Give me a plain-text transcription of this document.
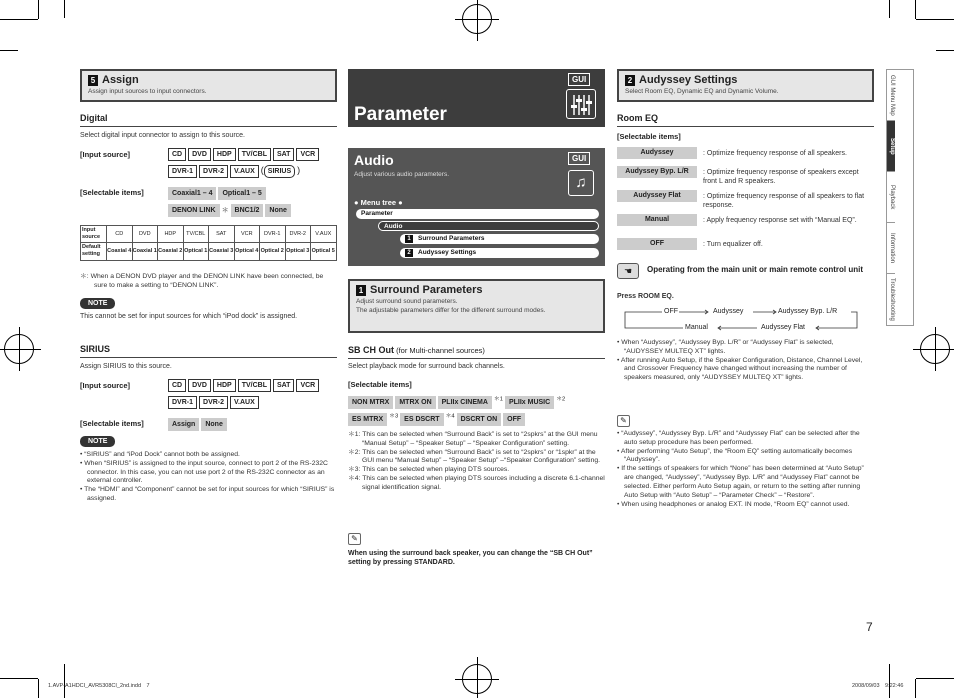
5 Assign
Assign input sources to input connectors.
Digital
Select digital input connector to assign to this source.
[Input source]	CD DVD HDP TV/CBL SAT VCR
DVR-1 DVR-2 V.AUX ( SIRIUS )
[Selectable items]	Coaxial1 – 4 Optical1 – 5
DENON LINK ＊ BNC1/2 None
Input source	CD	DVD	HDP	TV/CBL	SAT	VCR	DVR-1	DVR-2	V.AUX
Default setting	Coaxial 4	Coaxial 1	Coaxial 2	Optical 1	Coaxial 3	Optical 4	Optical 2	Optical 3	Optical 5
＊: When a DENON DVD player and the DENON LINK have been connected, be sure to make a setting to “DENON LINK”.
NOTE
This cannot be set for input sources for which “iPod dock” is assigned.
SIRIUS
Assign SIRIUS to this source.
[Input source]	CD DVD HDP TV/CBL SAT VCR
DVR-1 DVR-2 V.AUX
[Selectable items]	Assign None
NOTE
• “SIRIUS” and “iPod Dock” cannot both be assigned.
• When “SIRIUS” is assigned to the input source, connect to port 2 of the RS-232C connector. In this case, you can not use port 2 of the RS-232C connector as an external controller.
• The “HDMI” and “Component” cannot be set for input sources for which “SIRIUS” is assigned.
GUI
Parameter
GUI
♫
Audio
Adjust various audio parameters.
● Menu tree ●
Parameter
Audio
1 Surround Parameters
2 Audyssey Settings
1 Surround Parameters
Adjust surround sound parameters.
The adjustable parameters differ for the different surround modes.
SB CH Out (for Multi-channel sources)
Select playback mode for surround back channels.
[Selectable items]
NON MTRX MTRX ON PLIIx CINEMA $^{*1}$ PLIIx MUSIC $^{*2}$
ES MTRX $^{*3}$ ES DSCRT $^{*4}$ DSCRT ON OFF
＊1: This can be selected when “Surround Back” is set to “2spkrs” at the GUI menu “Manual Setup” – “Speaker Setup” – “Speaker Configuration” setting.
＊2: This can be selected when “Surround Back” is set to “2spkrs” or “1spkr” at the GUI menu “Manual Setup” – “Speaker Setup” –“Speaker Configuration” setting.
＊3: This can be selected when playing DTS sources.
＊4: This can be selected when playing DTS sources including a discrete 6.1-channel signal identification signal.
✎
When using the surround back speaker, you can change the “SB CH Out” setting by pressing STANDARD.
2 Audyssey Settings
Select Room EQ, Dynamic EQ and Dynamic Volume.
Room EQ
[Selectable items]
Audyssey	: Optimize frequency response of all speakers.
Audyssey Byp. L/R	: Optimize frequency response of speakers except front L and R speakers.
Audyssey Flat	: Optimize frequency response of all speakers to flat response.
Manual	: Apply frequency response set with “Manual EQ”.
OFF	: Turn equalizer off.
☚	Operating from the main unit or main remote control unit
Press ROOM EQ.
OFF	Audyssey	Audyssey Byp. L/R
Manual	Audyssey Flat
• When “Audyssey”, “Audyssey Byp. L/R” or “Audyssey Flat” is selected, “AUDYSSEY MULTEQ XT” lights.
• After running Auto Setup, if the Speaker Configuration, Distance, Channel Level, and Crossover Frequency have changed without increasing the number of speakers measured, only “AUDYSSEY MULTEQ XT” lights.
✎
• “Audyssey”, “Audyssey Byp. L/R” and “Audyssey Flat” can be selected after the auto setup procedure has been performed.
• After performing “Auto Setup”, the “Room EQ” setting automatically becomes “Audyssey”.
• If the settings of speakers for which “None” has been determined at “Auto Setup” are changed, “Audyssey”, “Audyssey Byp. L/R” and “Audyssey Flat” cannot be selected. Either perform Auto Setup again, or return to the setting after running Auto Setup with “Auto Setup” – “Parameter Check” – “Restore”.
• When using headphones or analog EXT. IN mode, “Room EQ” cannot used.
GUI Menu Map
Setup
Playback
Information
Troubleshooting
7
1.AVP-A1HDCI_AVR5308CI_2nd.indd　7	2008/09/03　9:22:46
